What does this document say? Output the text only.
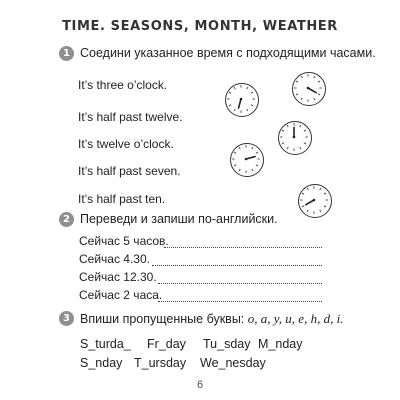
TIME. SEASONS, MONTH, WEATHER
1 Соедини указанное время с подходящими часами.
It’s three o’clock.
It’s half past twelve.
It’s twelve o’clock.
It’s half past seven.
It’s half past ten.
2 Переведи и запиши по-английски.
Сейчас 5 часов.
Сейчас 4.30.
Сейчас 12.30.
Сейчас 2 часа.
3 Впиши пропущенные буквы: o, a, y, u, e, h, d, i.
S_turda_ Fr_day Tu_sday M_nday
S_nday T_ursday We_nesday
6
